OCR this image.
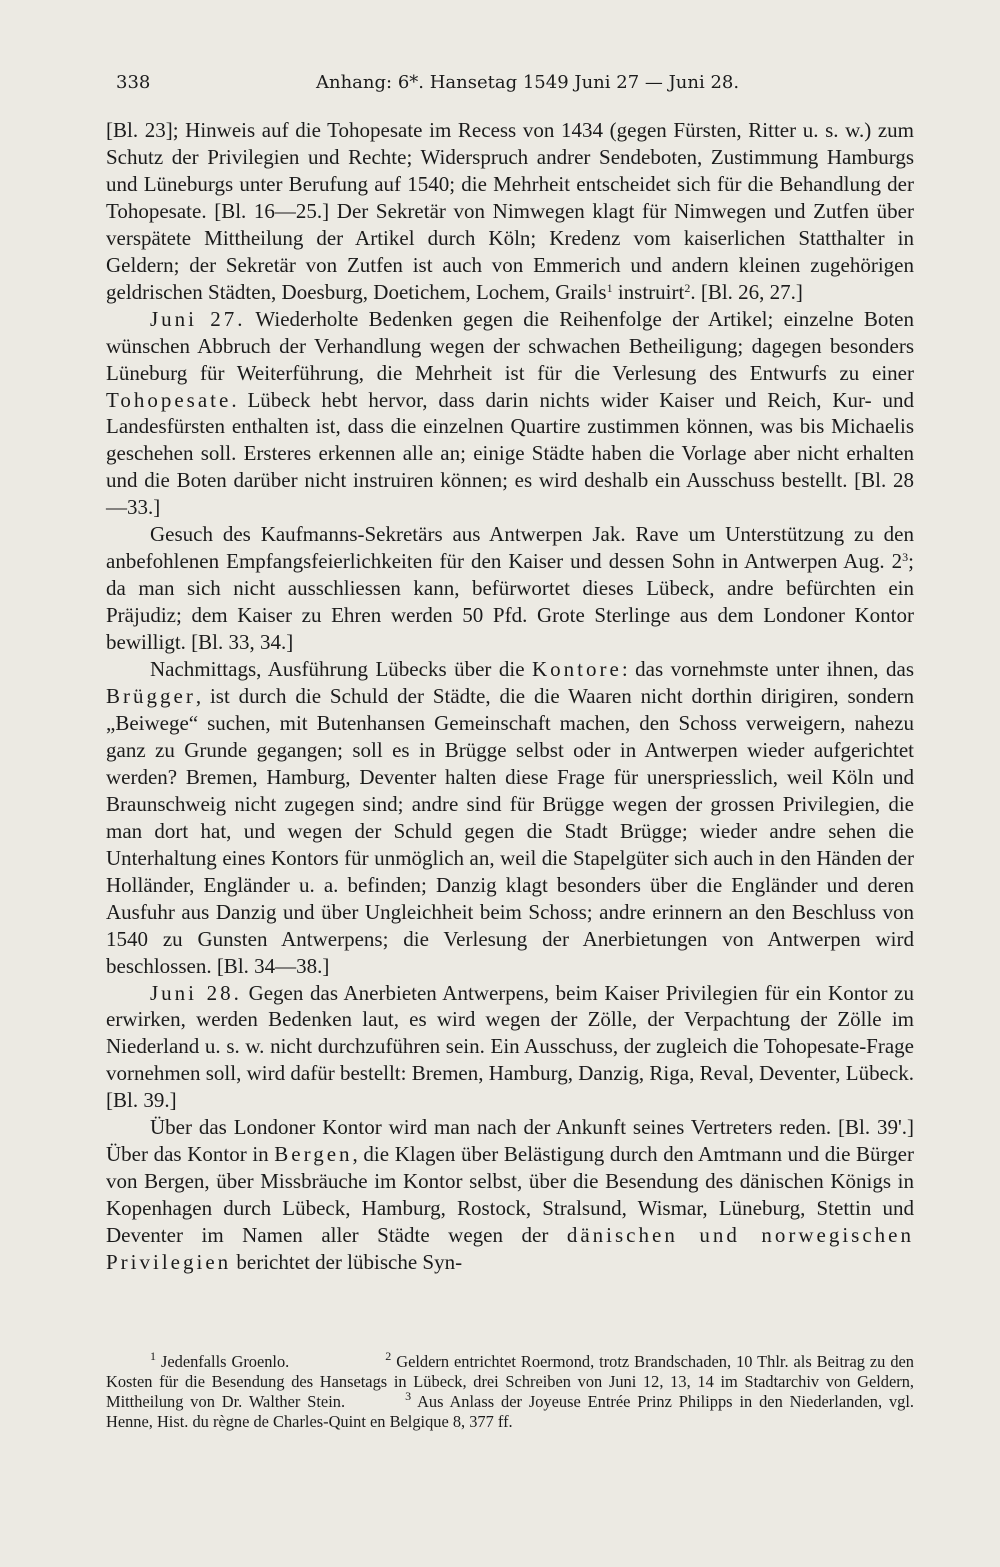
338	Anhang: 6*. Hansetag 1549 Juni 27 — Juni 28.

[Bl. 23]; Hinweis auf die Tohopesate im Recess von 1434 (gegen Fürsten, Ritter u. s. w.) zum Schutz der Privilegien und Rechte; Widerspruch andrer Sendeboten, Zustimmung Hamburgs und Lüneburgs unter Berufung auf 1540; die Mehrheit entscheidet sich für die Behandlung der Tohopesate. [Bl. 16—25.] Der Sekretär von Nimwegen klagt für Nimwegen und Zutfen über verspätete Mittheilung der Artikel durch Köln; Kredenz vom kaiserlichen Statthalter in Geldern; der Sekretär von Zutfen ist auch von Emmerich und andern kleinen zugehörigen geldrischen Städten, Doesburg, Doetichem, Lochem, Grails$^1$ instruirt$^2$. [Bl. 26, 27.]

Juni 27. Wiederholte Bedenken gegen die Reihenfolge der Artikel; einzelne Boten wünschen Abbruch der Verhandlung wegen der schwachen Betheiligung; dagegen besonders Lüneburg für Weiterführung, die Mehrheit ist für die Verlesung des Entwurfs zu einer Tohopesate. Lübeck hebt hervor, dass darin nichts wider Kaiser und Reich, Kur- und Landesfürsten enthalten ist, dass die einzelnen Quartire zustimmen können, was bis Michaelis geschehen soll. Ersteres erkennen alle an; einige Städte haben die Vorlage aber nicht erhalten und die Boten darüber nicht instruiren können; es wird deshalb ein Ausschuss bestellt. [Bl. 28—33.]

Gesuch des Kaufmanns-Sekretärs aus Antwerpen Jak. Rave um Unterstützung zu den anbefohlenen Empfangsfeierlichkeiten für den Kaiser und dessen Sohn in Antwerpen Aug. $2^3$; da man sich nicht ausschliessen kann, befürwortet dieses Lübeck, andre befürchten ein Präjudiz; dem Kaiser zu Ehren werden 50 Pfd. Grote Sterlinge aus dem Londoner Kontor bewilligt. [Bl. 33, 34.]

Nachmittags, Ausführung Lübecks über die Kontore: das vornehmste unter ihnen, das Brügger, ist durch die Schuld der Städte, die die Waaren nicht dorthin dirigiren, sondern „Beiwege“ suchen, mit Butenhansen Gemeinschaft machen, den Schoss verweigern, nahezu ganz zu Grunde gegangen; soll es in Brügge selbst oder in Antwerpen wieder aufgerichtet werden? Bremen, Hamburg, Deventer halten diese Frage für unerspriesslich, weil Köln und Braunschweig nicht zugegen sind; andre sind für Brügge wegen der grossen Privilegien, die man dort hat, und wegen der Schuld gegen die Stadt Brügge; wieder andre sehen die Unterhaltung eines Kontors für unmöglich an, weil die Stapelgüter sich auch in den Händen der Holländer, Engländer u. a. befinden; Danzig klagt besonders über die Engländer und deren Ausfuhr aus Danzig und über Ungleichheit beim Schoss; andre erinnern an den Beschluss von 1540 zu Gunsten Antwerpens; die Verlesung der Anerbietungen von Antwerpen wird beschlossen. [Bl. 34—38.]

Juni 28. Gegen das Anerbieten Antwerpens, beim Kaiser Privilegien für ein Kontor zu erwirken, werden Bedenken laut, es wird wegen der Zölle, der Verpachtung der Zölle im Niederland u. s. w. nicht durchzuführen sein. Ein Ausschuss, der zugleich die Tohopesate-Frage vornehmen soll, wird dafür bestellt: Bremen, Hamburg, Danzig, Riga, Reval, Deventer, Lübeck. [Bl. 39.]

Über das Londoner Kontor wird man nach der Ankunft seines Vertreters reden. [Bl. 39'.] Über das Kontor in Bergen, die Klagen über Belästigung durch den Amtmann und die Bürger von Bergen, über Missbräuche im Kontor selbst, über die Besendung des dänischen Königs in Kopenhagen durch Lübeck, Hamburg, Rostock, Stralsund, Wismar, Lüneburg, Stettin und Deventer im Namen aller Städte wegen der dänischen und norwegischen Privilegien berichtet der lübische Syn-

$^1$ Jedenfalls Groenlo.	$^2$ Geldern entrichtet Roermond, trotz Brandschaden, 10 Thlr. als Beitrag zu den Kosten für die Besendung des Hansetags in Lübeck, drei Schreiben von Juni 12, 13, 14 im Stadtarchiv von Geldern, Mittheilung von Dr. Walther Stein.	$^3$ Aus Anlass der Joyeuse Entrée Prinz Philipps in den Niederlanden, vgl. Henne, Hist. du règne de Charles-Quint en Belgique 8, 377 ff.
